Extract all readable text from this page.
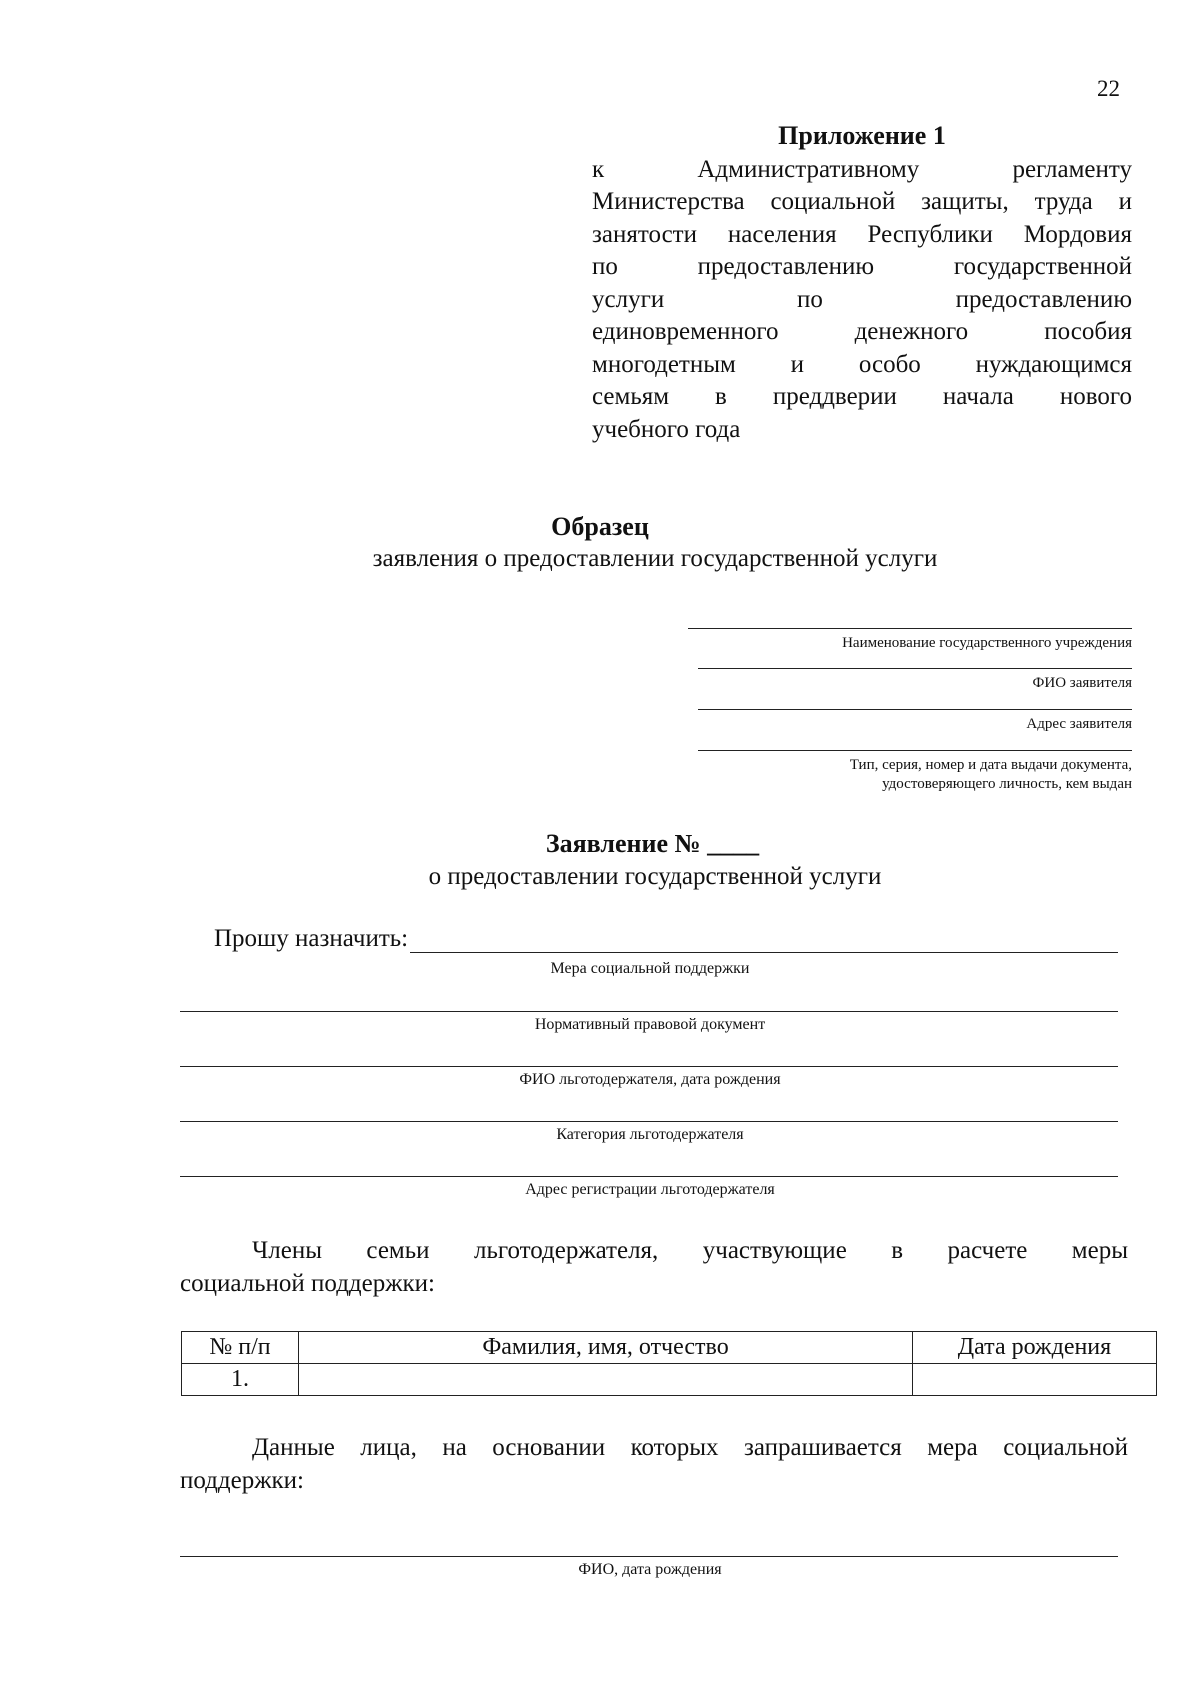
22
Приложение 1
к Административному регламенту
Министерства социальной защиты, труда и
занятости населения Республики Мордовия
по предоставлению государственной
услуги по предоставлению
единовременного денежного пособия
многодетным и особо нуждающимся
семьям в преддверии начала нового
учебного года
Образец
заявления о предоставлении государственной услуги
Наименование государственного учреждения
ФИО заявителя
Адрес заявителя
Тип, серия, номер и дата выдачи документа,
удостоверяющего личность, кем выдан
Заявление № ____
о предоставлении государственной услуги
Прошу назначить:
Мера социальной поддержки
Нормативный правовой документ
ФИО льготодержателя, дата рождения
Категория льготодержателя
Адрес регистрации льготодержателя
Члены семьи льготодержателя, участвующие в расчете меры
социальной поддержки:
№ п/п	Фамилия, имя, отчество	Дата рождения
1.		
Данные лица, на основании которых запрашивается мера социальной
поддержки:
ФИО, дата рождения
